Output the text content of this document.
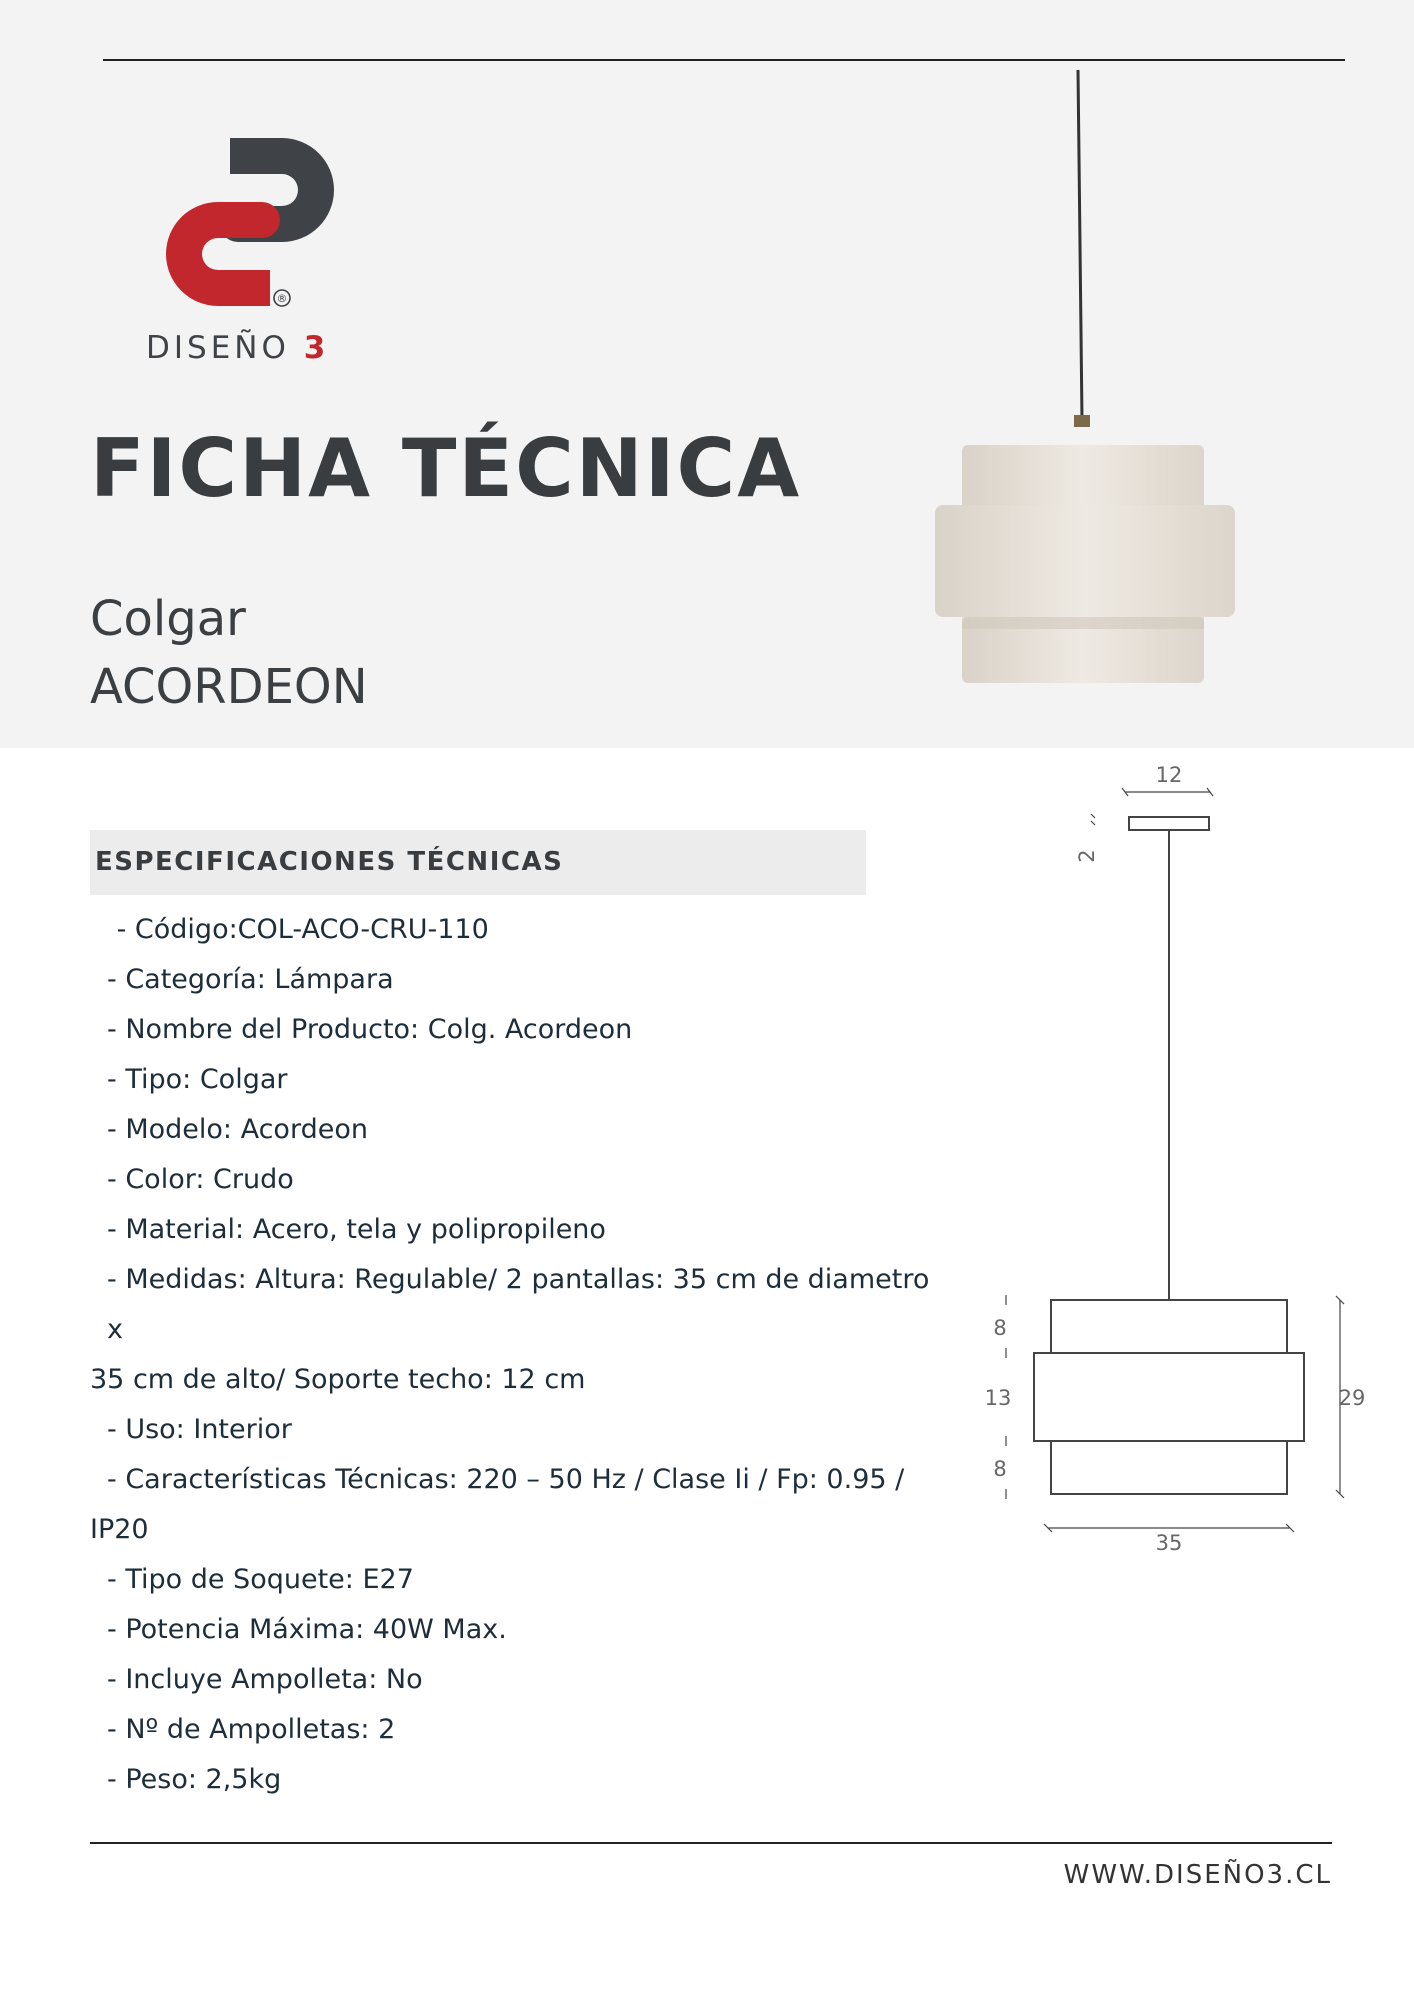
®
DISEÑO 3
FICHA TÉCNICA
Colgar
ACORDEON
ESPECIFICACIONES TÉCNICAS
- Código:COL-ACO-CRU-110
- Categoría: Lámpara
- Nombre del Producto: Colg. Acordeon
- Tipo: Colgar
- Modelo: Acordeon
- Color: Crudo
- Material: Acero, tela y polipropileno
- Medidas: Altura: Regulable/ 2 pantallas: 35 cm de diametro x
35 cm de alto/ Soporte techo: 12 cm
- Uso: Interior
- Características Técnicas: 220 – 50 Hz / Clase Ii / Fp: 0.95 /
IP20
- Tipo de Soquete: E27
- Potencia Máxima: 40W Max.
- Incluye Ampolleta: No
- Nº de Ampolletas: 2
- Peso: 2,5kg
12
2
8
13
8
29
35
WWW.DISEÑO3.CL
